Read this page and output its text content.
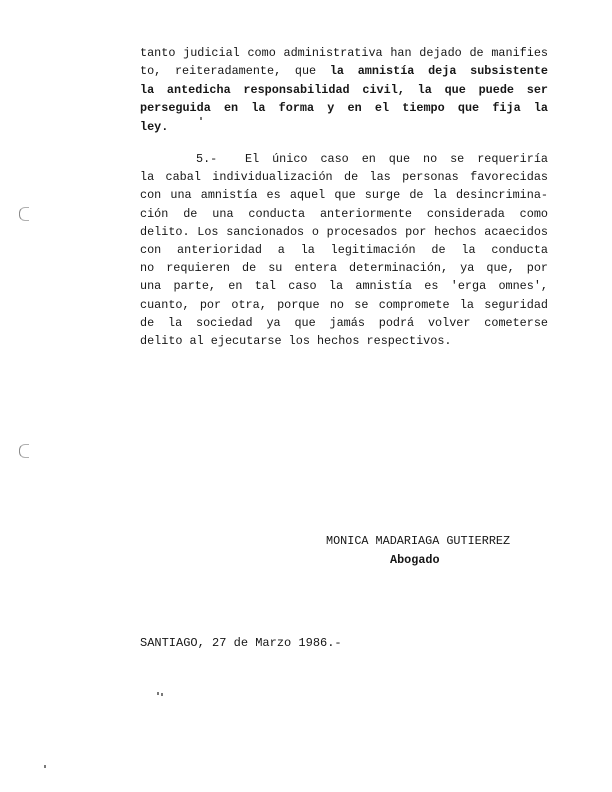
tanto judicial como administrativa han dejado de manifies
to, reiteradamente, que la amnistía deja subsistente
la antedicha responsabilidad civil, la que puede ser
perseguida en la forma y en el tiempo que fija la
ley.
5.- El único caso en que no se requeriría
la cabal individualización de las personas favorecidas
con una amnistía es aquel que surge de la desincrimina-
ción de una conducta anteriormente considerada como
delito. Los sancionados o procesados por hechos acaecidos
con anterioridad a la legitimación de la conducta
no requieren de su entera determinación, ya que, por
una parte, en tal caso la amnistía es 'erga omnes',
cuanto, por otra, porque no se compromete la seguridad
de la sociedad ya que jamás podrá volver cometerse
delito al ejecutarse los hechos respectivos.
MONICA MADARIAGA GUTIERREZ
Abogado
SANTIAGO, 27 de Marzo 1986.-
